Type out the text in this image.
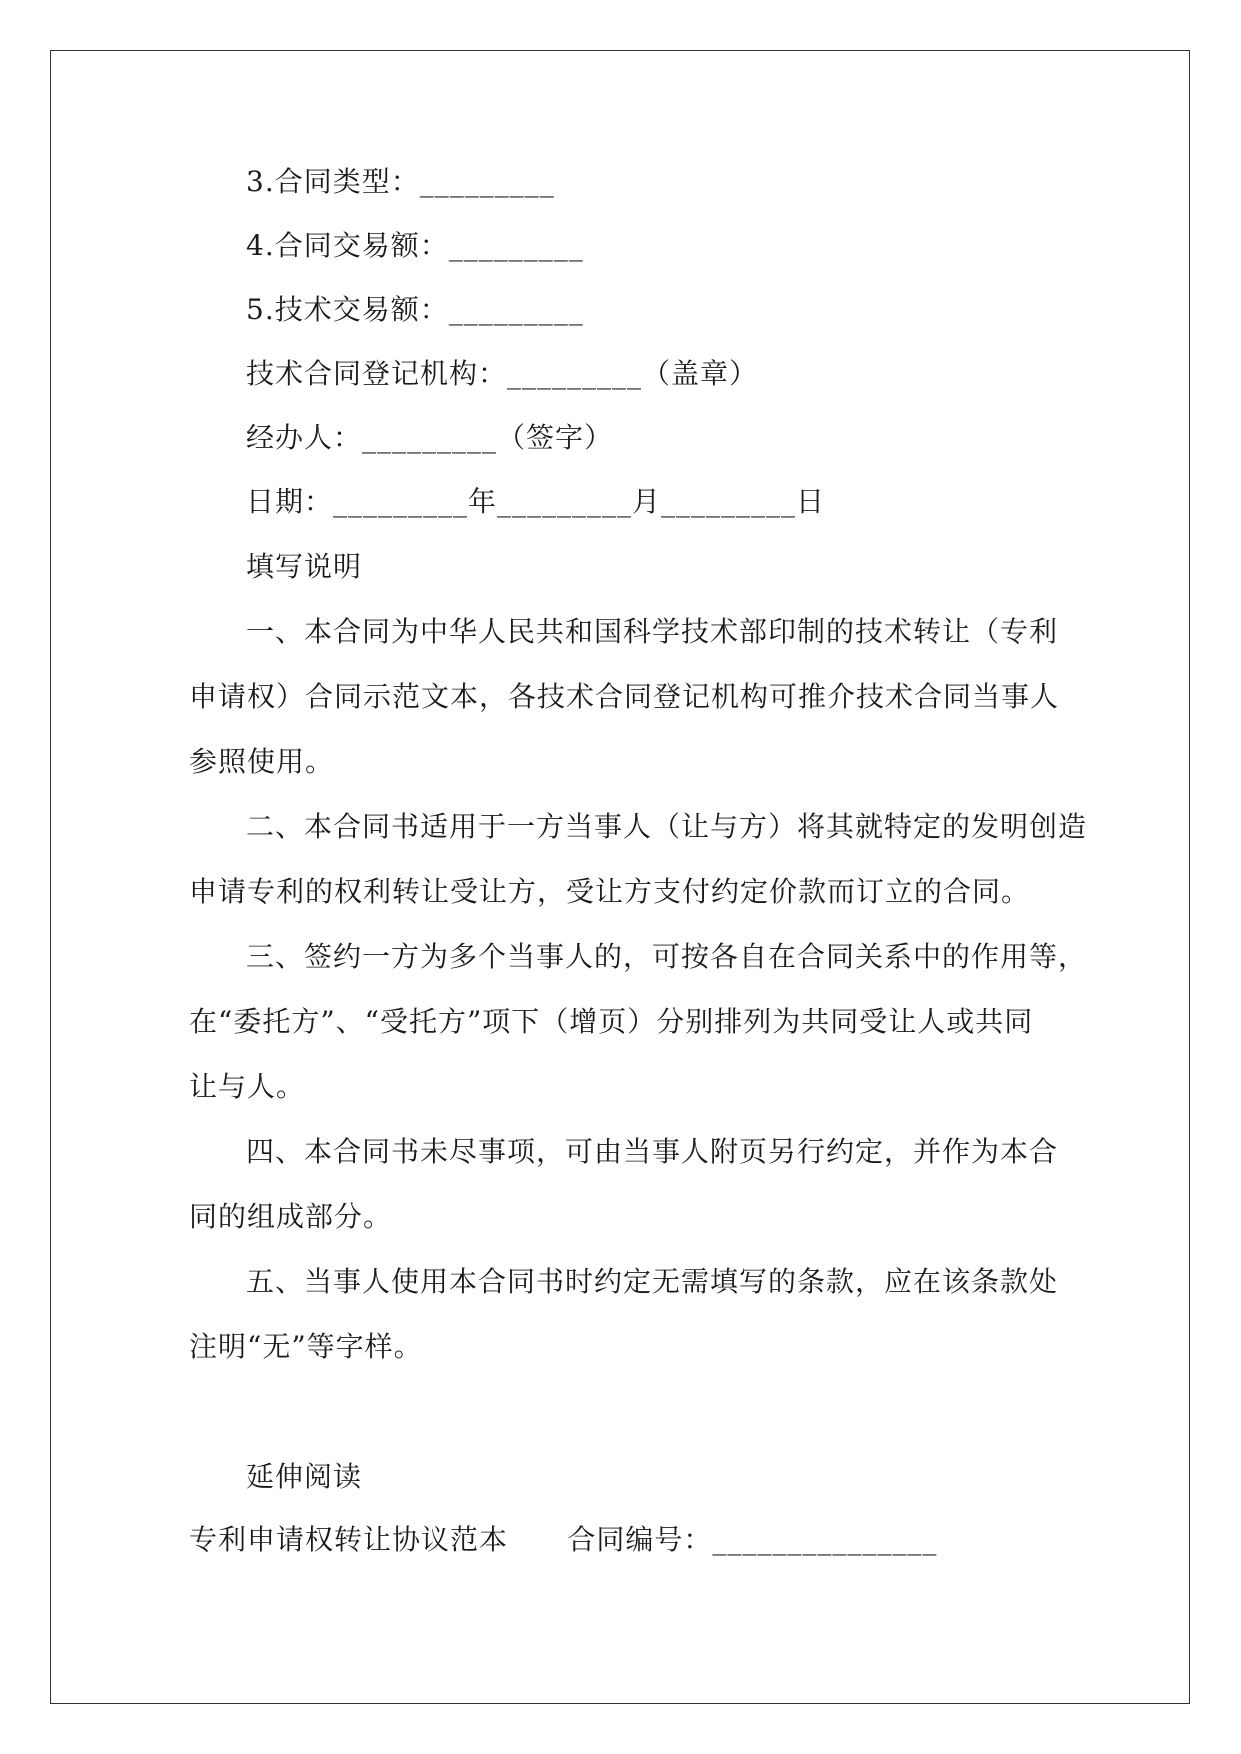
3.合同类型：_________
4.合同交易额：_________
5.技术交易额：_________
技术合同登记机构：_________（盖章）
经办人：_________（签字）
日期：_________年_________月_________日
填写说明
一、本合同为中华人民共和国科学技术部印制的技术转让（专利
申请权）合同示范文本，各技术合同登记机构可推介技术合同当事人
参照使用。
二、本合同书适用于一方当事人（让与方）将其就特定的发明创造
申请专利的权利转让受让方，受让方支付约定价款而订立的合同。
三、签约一方为多个当事人的，可按各自在合同关系中的作用等，
在“委托方”、“受托方”项下（增页）分别排列为共同受让人或共同
让与人。
四、本合同书未尽事项，可由当事人附页另行约定，并作为本合
同的组成部分。
五、当事人使用本合同书时约定无需填写的条款，应在该条款处
注明“无”等字样。
延伸阅读
专利申请权转让协议范本      合同编号：_______________
